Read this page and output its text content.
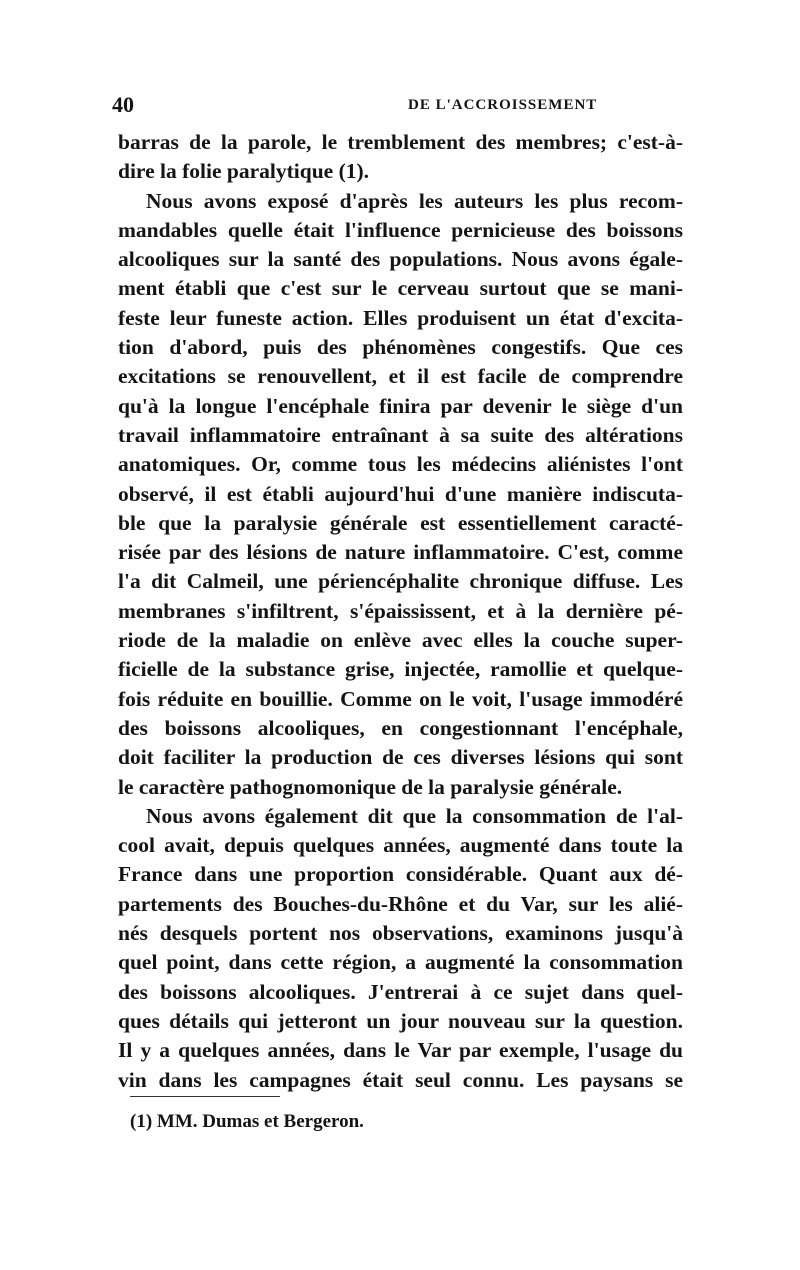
40	DE L'ACCROISSEMENT
barras de la parole, le tremblement des membres; c'est-à-
dire la folie paralytique (1).
Nous avons exposé d'après les auteurs les plus recom-
mandables quelle était l'influence pernicieuse des boissons
alcooliques sur la santé des populations. Nous avons égale-
ment établi que c'est sur le cerveau surtout que se mani-
feste leur funeste action. Elles produisent un état d'excita-
tion d'abord, puis des phénomènes congestifs. Que ces
excitations se renouvellent, et il est facile de comprendre
qu'à la longue l'encéphale finira par devenir le siège d'un
travail inflammatoire entraînant à sa suite des altérations
anatomiques. Or, comme tous les médecins aliénistes l'ont
observé, il est établi aujourd'hui d'une manière indiscuta-
ble que la paralysie générale est essentiellement caracté-
risée par des lésions de nature inflammatoire. C'est, comme
l'a dit Calmeil, une périencéphalite chronique diffuse. Les
membranes s'infiltrent, s'épaississent, et à la dernière pé-
riode de la maladie on enlève avec elles la couche super-
ficielle de la substance grise, injectée, ramollie et quelque-
fois réduite en bouillie. Comme on le voit, l'usage immodéré
des boissons alcooliques, en congestionnant l'encéphale,
doit faciliter la production de ces diverses lésions qui sont
le caractère pathognomonique de la paralysie générale.
Nous avons également dit que la consommation de l'al-
cool avait, depuis quelques années, augmenté dans toute la
France dans une proportion considérable. Quant aux dé-
partements des Bouches-du-Rhône et du Var, sur les alié-
nés desquels portent nos observations, examinons jusqu'à
quel point, dans cette région, a augmenté la consommation
des boissons alcooliques. J'entrerai à ce sujet dans quel-
ques détails qui jetteront un jour nouveau sur la question.
Il y a quelques années, dans le Var par exemple, l'usage du
vin dans les campagnes était seul connu. Les paysans se
(1) MM. Dumas et Bergeron.
